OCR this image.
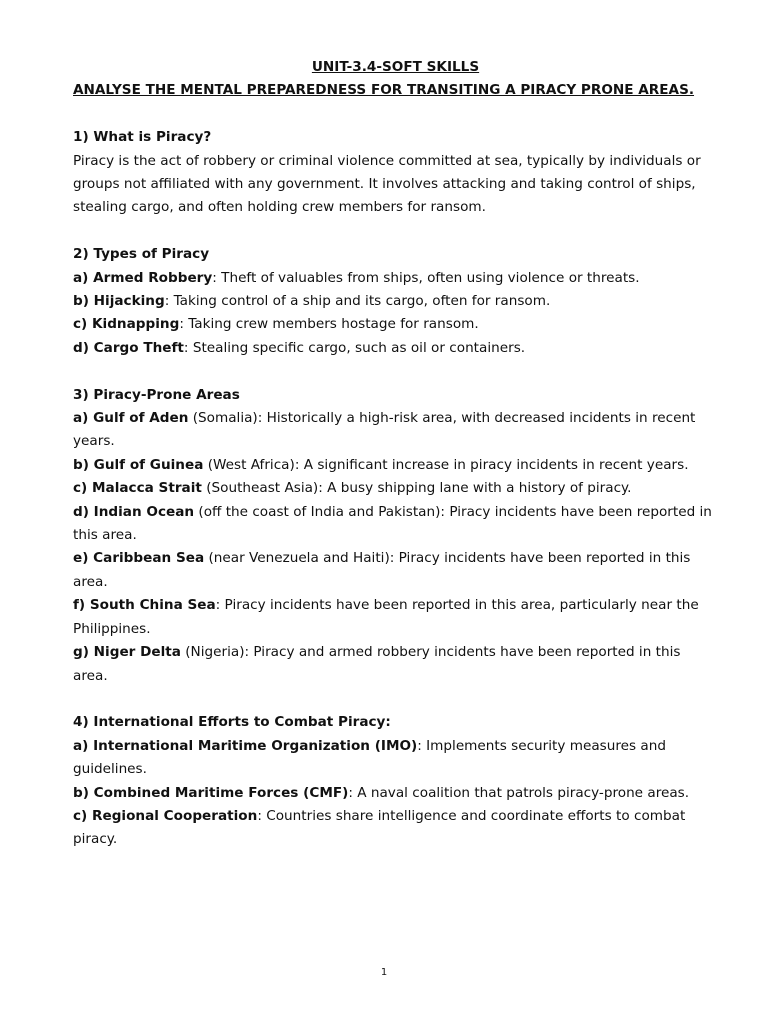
UNIT-3.4-SOFT SKILLS

ANALYSE THE MENTAL PREPAREDNESS FOR TRANSITING A PIRACY PRONE AREAS.

1) What is Piracy?

Piracy is the act of robbery or criminal violence committed at sea, typically by individuals or groups not affiliated with any government. It involves attacking and taking control of ships, stealing cargo, and often holding crew members for ransom.

2) Types of Piracy

a) Armed Robbery: Theft of valuables from ships, often using violence or threats.

b) Hijacking: Taking control of a ship and its cargo, often for ransom.

c) Kidnapping: Taking crew members hostage for ransom.

d) Cargo Theft: Stealing specific cargo, such as oil or containers.

3) Piracy-Prone Areas

a) Gulf of Aden (Somalia): Historically a high-risk area, with decreased incidents in recent years.

b) Gulf of Guinea (West Africa): A significant increase in piracy incidents in recent years.

c) Malacca Strait (Southeast Asia): A busy shipping lane with a history of piracy.

d) Indian Ocean (off the coast of India and Pakistan): Piracy incidents have been reported in this area.

e) Caribbean Sea (near Venezuela and Haiti): Piracy incidents have been reported in this area.

f) South China Sea: Piracy incidents have been reported in this area, particularly near the Philippines.

g) Niger Delta (Nigeria): Piracy and armed robbery incidents have been reported in this area.

4) International Efforts to Combat Piracy:

a) International Maritime Organization (IMO): Implements security measures and guidelines.

b) Combined Maritime Forces (CMF): A naval coalition that patrols piracy-prone areas.

c) Regional Cooperation: Countries share intelligence and coordinate efforts to combat piracy.

1
